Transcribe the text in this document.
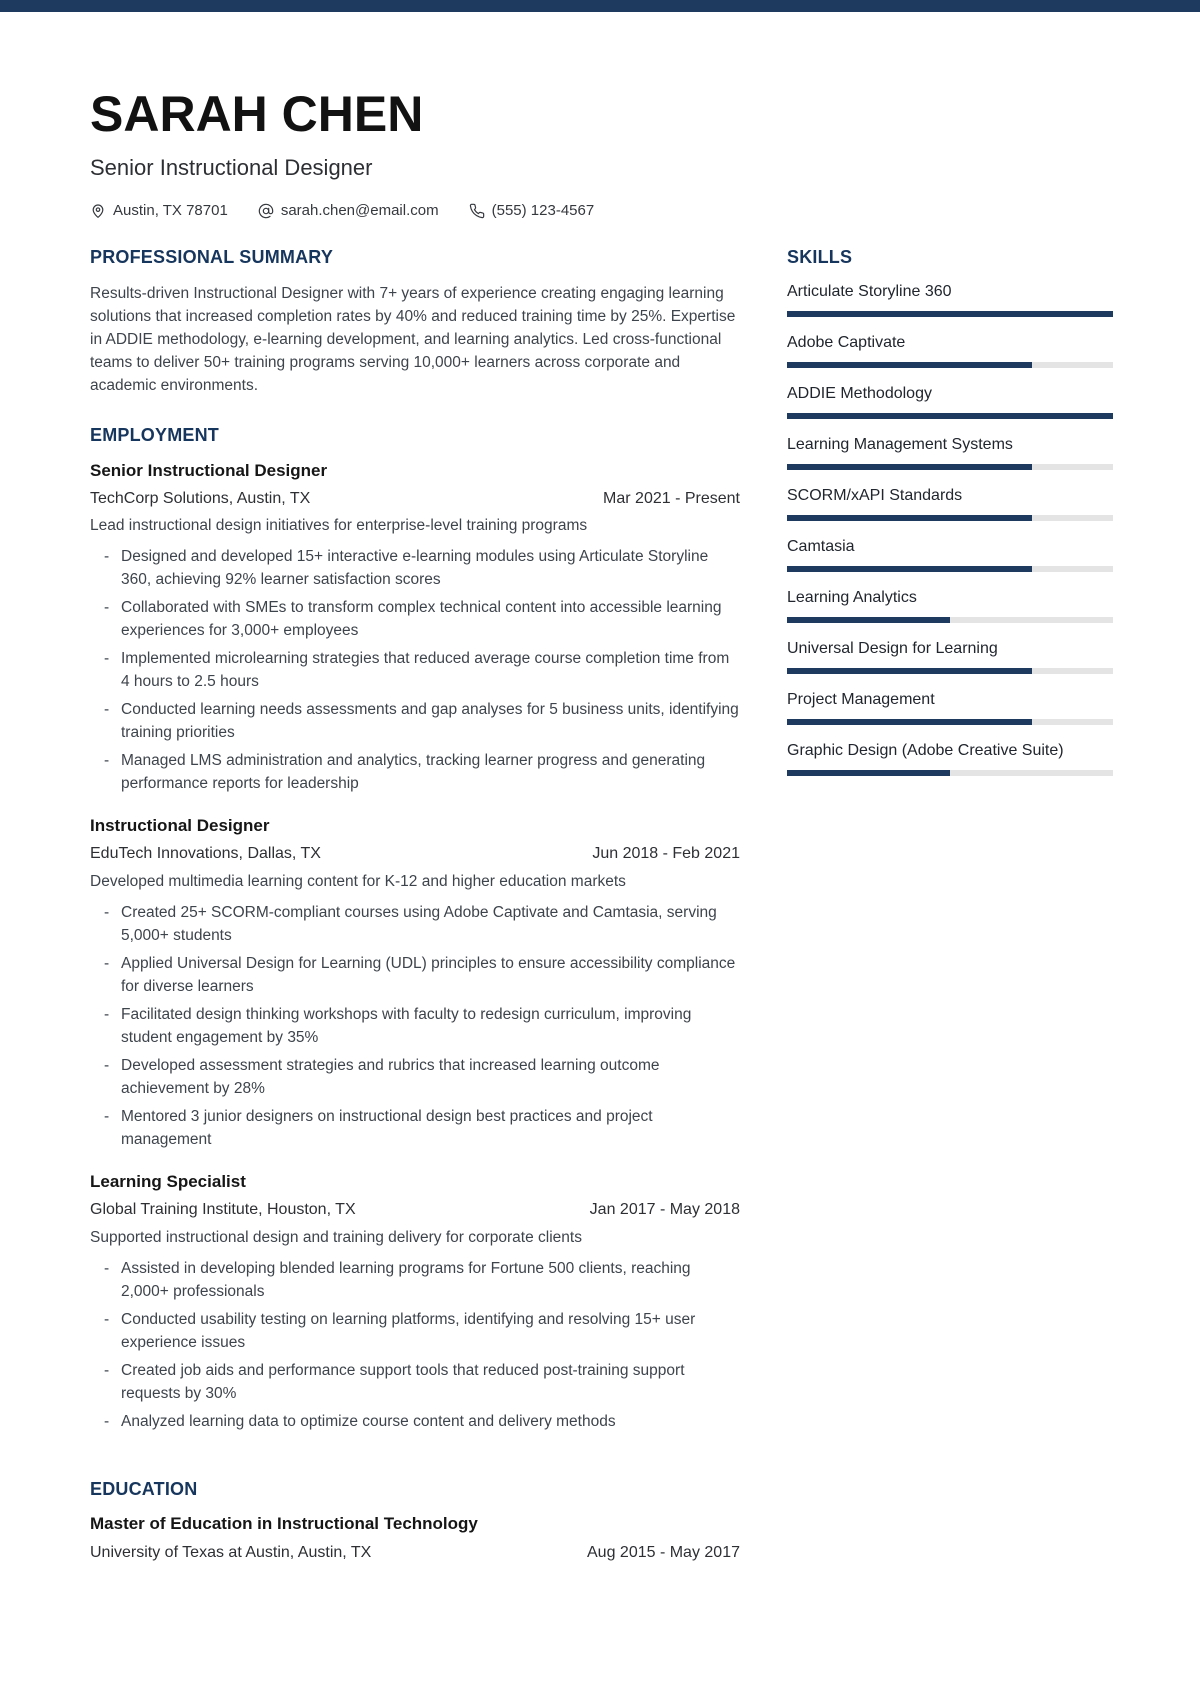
SARAH CHEN
Senior Instructional Designer
Austin, TX 78701	sarah.chen@email.com	(555) 123-4567
PROFESSIONAL SUMMARY
Results-driven Instructional Designer with 7+ years of experience creating engaging learning solutions that increased completion rates by 40% and reduced training time by 25%. Expertise in ADDIE methodology, e-learning development, and learning analytics. Led cross-functional teams to deliver 50+ training programs serving 10,000+ learners across corporate and academic environments.
EMPLOYMENT
Senior Instructional Designer
TechCorp Solutions, Austin, TX	Mar 2021 - Present
Lead instructional design initiatives for enterprise-level training programs
- Designed and developed 15+ interactive e-learning modules using Articulate Storyline 360, achieving 92% learner satisfaction scores
- Collaborated with SMEs to transform complex technical content into accessible learning experiences for 3,000+ employees
- Implemented microlearning strategies that reduced average course completion time from 4 hours to 2.5 hours
- Conducted learning needs assessments and gap analyses for 5 business units, identifying training priorities
- Managed LMS administration and analytics, tracking learner progress and generating performance reports for leadership
Instructional Designer
EduTech Innovations, Dallas, TX	Jun 2018 - Feb 2021
Developed multimedia learning content for K-12 and higher education markets
- Created 25+ SCORM-compliant courses using Adobe Captivate and Camtasia, serving 5,000+ students
- Applied Universal Design for Learning (UDL) principles to ensure accessibility compliance for diverse learners
- Facilitated design thinking workshops with faculty to redesign curriculum, improving student engagement by 35%
- Developed assessment strategies and rubrics that increased learning outcome achievement by 28%
- Mentored 3 junior designers on instructional design best practices and project management
Learning Specialist
Global Training Institute, Houston, TX	Jan 2017 - May 2018
Supported instructional design and training delivery for corporate clients
- Assisted in developing blended learning programs for Fortune 500 clients, reaching 2,000+ professionals
- Conducted usability testing on learning platforms, identifying and resolving 15+ user experience issues
- Created job aids and performance support tools that reduced post-training support requests by 30%
- Analyzed learning data to optimize course content and delivery methods
EDUCATION
Master of Education in Instructional Technology
University of Texas at Austin, Austin, TX	Aug 2015 - May 2017
SKILLS
Articulate Storyline 360
Adobe Captivate
ADDIE Methodology
Learning Management Systems
SCORM/xAPI Standards
Camtasia
Learning Analytics
Universal Design for Learning
Project Management
Graphic Design (Adobe Creative Suite)
